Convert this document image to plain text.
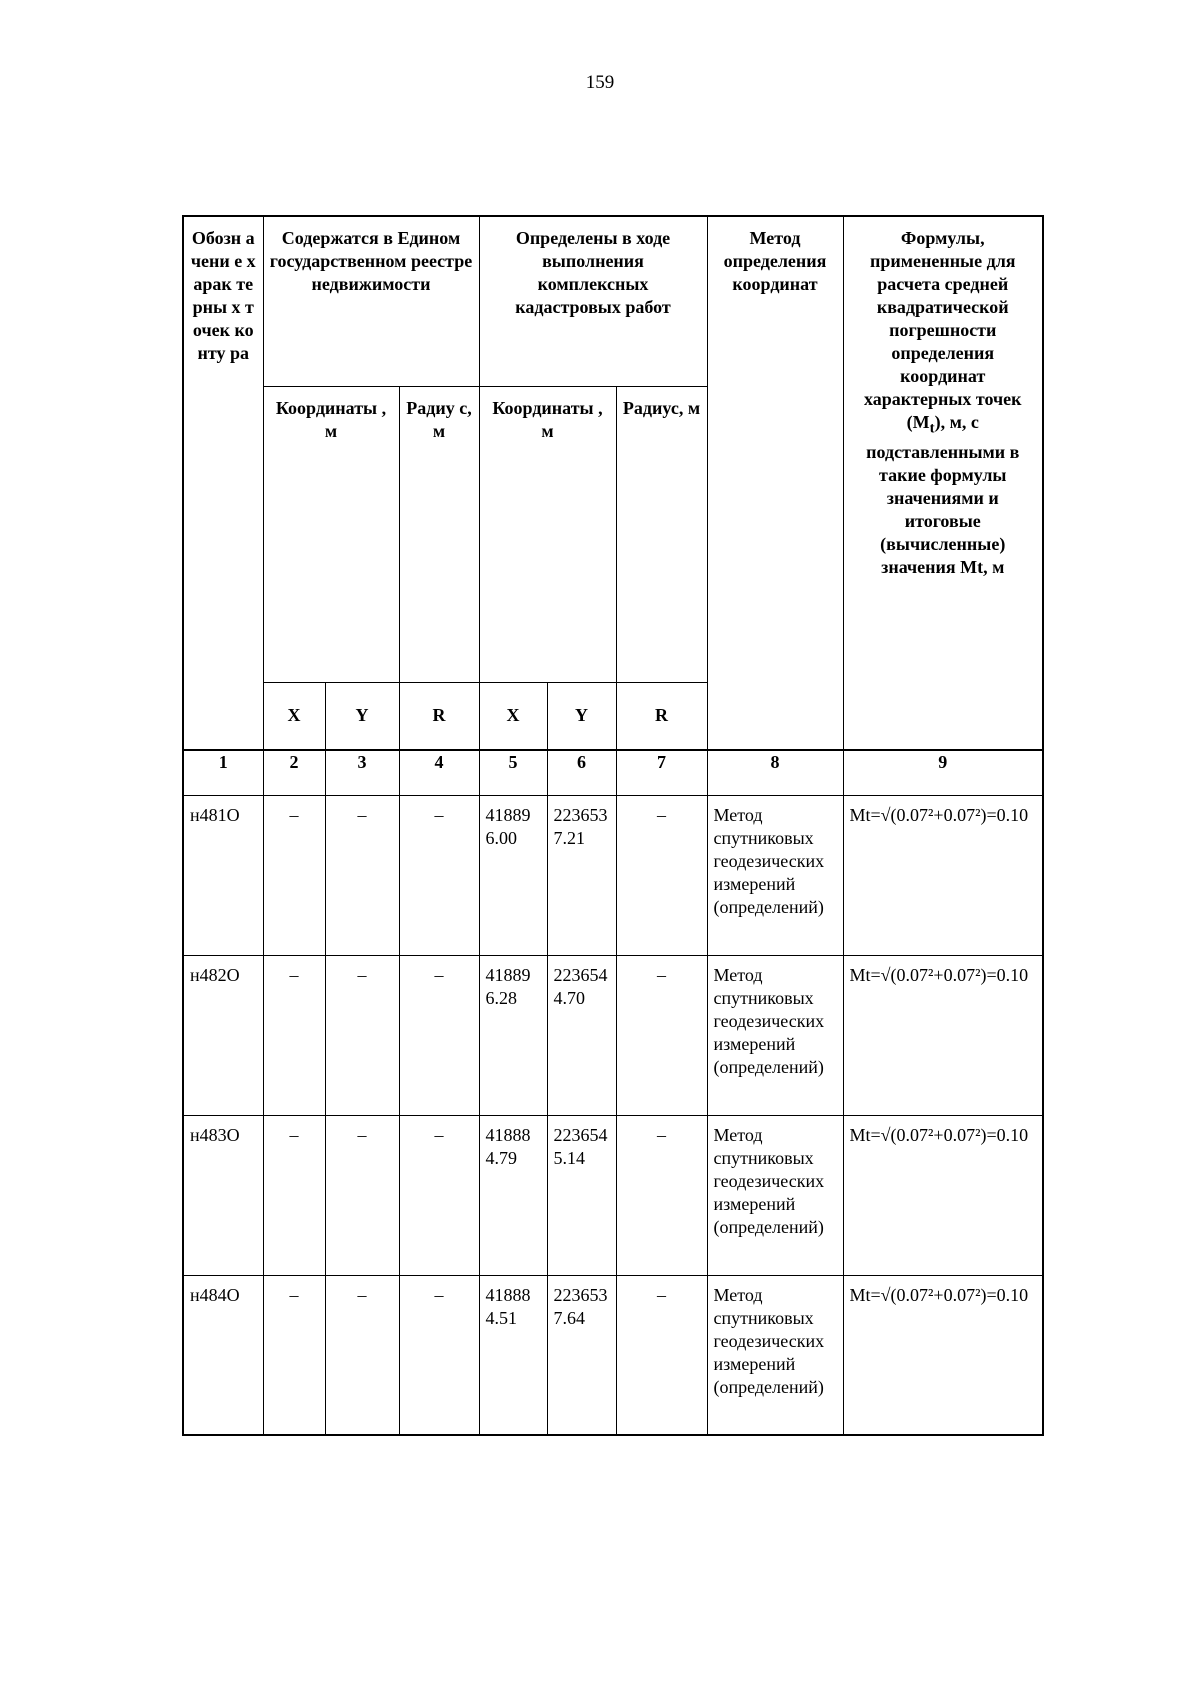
159
Обозн ачени е харак терны х точек конту ра	Содержатся в Едином государственном реестре недвижимости			Определены в ходе выполнения комплексных кадастровых работ			Метод определения координат	Формулы, примененные для расчета средней квадратической погрешности определения координат характерных точек $(M_t)$, м, с подставленными в такие формулы значениями и итоговые (вычисленные) значения Mt, м
	Координаты , м		Радиу с, м	Координаты , м		Радиус, м		
	X	Y	R	X	Y	R		
1	2	3	4	5	6	7	8	9
н481О	–	–	–	418896.00	2236537.21	–	Метод спутниковых геодезических измерений (определений)	Mt=√(0.07²+0.07²)=0.10
н482О	–	–	–	418896.28	2236544.70	–	Метод спутниковых геодезических измерений (определений)	Mt=√(0.07²+0.07²)=0.10
н483О	–	–	–	418884.79	2236545.14	–	Метод спутниковых геодезических измерений (определений)	Mt=√(0.07²+0.07²)=0.10
н484О	–	–	–	418884.51	2236537.64	–	Метод спутниковых геодезических измерений (определений)	Mt=√(0.07²+0.07²)=0.10
